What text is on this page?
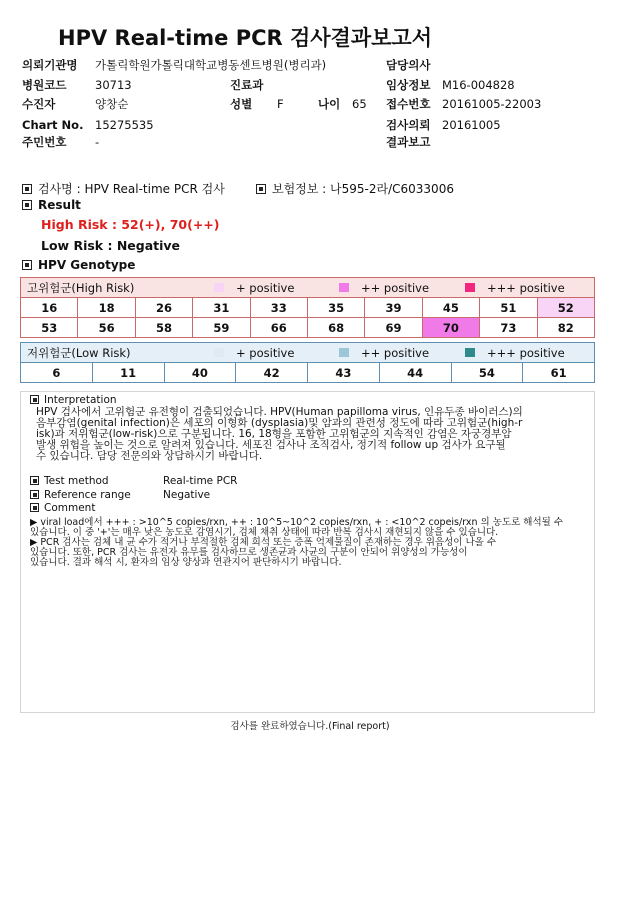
HPV Real-time PCR 검사결과보고서
의뢰기관명 가톨릭학원가톨릭대학교병동센트병원(병리과)	담당의사
병원코드 30713	진료과	임상정보 M16-004828
수진자	양창순	성별 F	나이 65 접수번호 20161005-22003
Chart No. 15275535	검사의뢰 20161005
주민번호 -	결과보고
검사명 : HPV Real-time PCR 검사	보험정보 : 나595-2라/C6033006
Result
High Risk : 52(+), 70(++)
Low Risk : Negative
HPV Genotype
고위험군(High Risk) + positive ++ positive +++ positive									

16	18	26	31	33	35	39	45	51	52
53	56	58	59	66	68	69	70	73	82
저위험군(Low Risk)	+ positive	++ positive	+++ positive

6	11	40	42	43	44	54	61
Interpretation
HPV 검사에서 고위험군 유전형이 검출되었습니다. HPV(Human papilloma virus, 인유두종 바이러스)의
음부감염(genital infection)은 세포의 이형화 (dysplasia)및 암과의 관련성 정도에 따라 고위험군(high-r
isk)과 저위험군(low-risk)으로 구분됩니다. 16, 18형을 포함한 고위험군의 지속적인 감염은 자궁경부암
발생 위험을 높이는 것으로 알려져 있습니다. 세포진 검사나 조직검사, 정기적 follow up 검사가 요구될
수 있습니다. 담당 전문의와 상담하시기 바랍니다.
Test method	Real-time PCR
Reference range	Negative
Comment
▶ viral load에서 +++ : >10^5 copies/rxn, ++ : 10^5~10^2 copies/rxn, + : <10^2 copeis/rxn 의 농도로 해석될 수
있습니다. 이 중 '+'는 매우 낮은 농도로 감염시기, 검체 채취 상태에 따라 반복 검사시 재현되지 않을 수 있습니다.
▶ PCR 검사는 검체 내 균 수가 적거나 부적절한 검체 희석 또는 증폭 억제물질이 존재하는 경우 위음성이 나올 수
있습니다. 또한, PCR 검사는 유전자 유무를 검사하므로 생존균과 사균의 구분이 안되어 위양성의 가능성이
있습니다. 결과 해석 시, 환자의 임상 양상과 연관지어 판단하시기 바랍니다.
검사를 완료하였습니다.(Final report)
